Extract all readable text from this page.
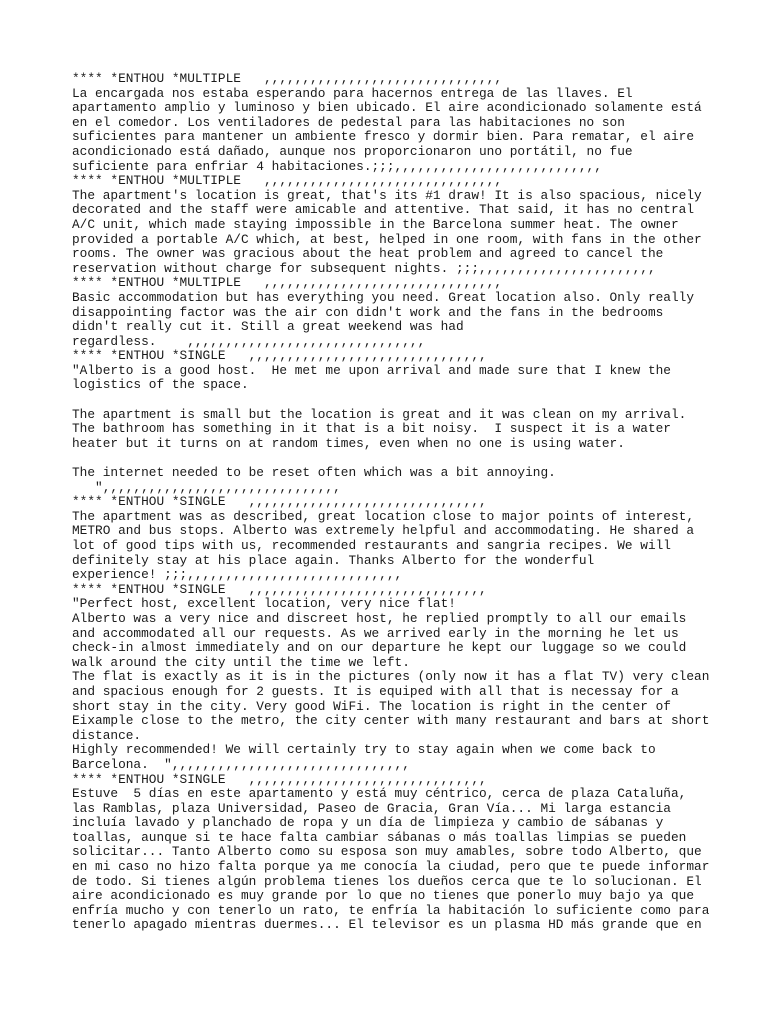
**** *ENTHOU *MULTIPLE   ,,,,,,,,,,,,,,,,,,,,,,,,,,,,,,,
La encargada nos estaba esperando para hacernos entrega de las llaves. El
apartamento amplio y luminoso y bien ubicado. El aire acondicionado solamente está
en el comedor. Los ventiladores de pedestal para las habitaciones no son
suficientes para mantener un ambiente fresco y dormir bien. Para rematar, el aire
acondicionado está dañado, aunque nos proporcionaron uno portátil, no fue
suficiente para enfriar 4 habitaciones.;;;,,,,,,,,,,,,,,,,,,,,,,,,,,,
**** *ENTHOU *MULTIPLE   ,,,,,,,,,,,,,,,,,,,,,,,,,,,,,,,
The apartment's location is great, that's its #1 draw! It is also spacious, nicely
decorated and the staff were amicable and attentive. That said, it has no central
A/C unit, which made staying impossible in the Barcelona summer heat. The owner
provided a portable A/C which, at best, helped in one room, with fans in the other
rooms. The owner was gracious about the heat problem and agreed to cancel the
reservation without charge for subsequent nights. ;;;,,,,,,,,,,,,,,,,,,,,,,,
**** *ENTHOU *MULTIPLE   ,,,,,,,,,,,,,,,,,,,,,,,,,,,,,,,
Basic accommodation but has everything you need. Great location also. Only really
disappointing factor was the air con didn't work and the fans in the bedrooms
didn't really cut it. Still a great weekend was had
regardless.    ,,,,,,,,,,,,,,,,,,,,,,,,,,,,,,,
**** *ENTHOU *SINGLE   ,,,,,,,,,,,,,,,,,,,,,,,,,,,,,,,
"Alberto is a good host.  He met me upon arrival and made sure that I knew the
logistics of the space.

The apartment is small but the location is great and it was clean on my arrival.
The bathroom has something in it that is a bit noisy.  I suspect it is a water
heater but it turns on at random times, even when no one is using water.

The internet needed to be reset often which was a bit annoying.
",,,,,,,,,,,,,,,,,,,,,,,,,,,,,,,
**** *ENTHOU *SINGLE   ,,,,,,,,,,,,,,,,,,,,,,,,,,,,,,,
The apartment was as described, great location close to major points of interest,
METRO and bus stops. Alberto was extremely helpful and accommodating. He shared a
lot of good tips with us, recommended restaurants and sangria recipes. We will
definitely stay at his place again. Thanks Alberto for the wonderful
experience! ;;;,,,,,,,,,,,,,,,,,,,,,,,,,,,,
**** *ENTHOU *SINGLE   ,,,,,,,,,,,,,,,,,,,,,,,,,,,,,,,
"Perfect host, excellent location, very nice flat!
Alberto was a very nice and discreet host, he replied promptly to all our emails
and accommodated all our requests. As we arrived early in the morning he let us
check-in almost immediately and on our departure he kept our luggage so we could
walk around the city until the time we left.
The flat is exactly as it is in the pictures (only now it has a flat TV) very clean
and spacious enough for 2 guests. It is equiped with all that is necessay for a
short stay in the city. Very good WiFi. The location is right in the center of
Eixample close to the metro, the city center with many restaurant and bars at short
distance.
Highly recommended! We will certainly try to stay again when we come back to
Barcelona.  ",,,,,,,,,,,,,,,,,,,,,,,,,,,,,,,
**** *ENTHOU *SINGLE   ,,,,,,,,,,,,,,,,,,,,,,,,,,,,,,,
Estuve  5 días en este apartamento y está muy céntrico, cerca de plaza Cataluña,
las Ramblas, plaza Universidad, Paseo de Gracia, Gran Vía... Mi larga estancia
incluía lavado y planchado de ropa y un día de limpieza y cambio de sábanas y
toallas, aunque si te hace falta cambiar sábanas o más toallas limpias se pueden
solicitar... Tanto Alberto como su esposa son muy amables, sobre todo Alberto, que
en mi caso no hizo falta porque ya me conocía la ciudad, pero que te puede informar
de todo. Si tienes algún problema tienes los dueños cerca que te lo solucionan. El
aire acondicionado es muy grande por lo que no tienes que ponerlo muy bajo ya que
enfría mucho y con tenerlo un rato, te enfría la habitación lo suficiente como para
tenerlo apagado mientras duermes... El televisor es un plasma HD más grande que en
